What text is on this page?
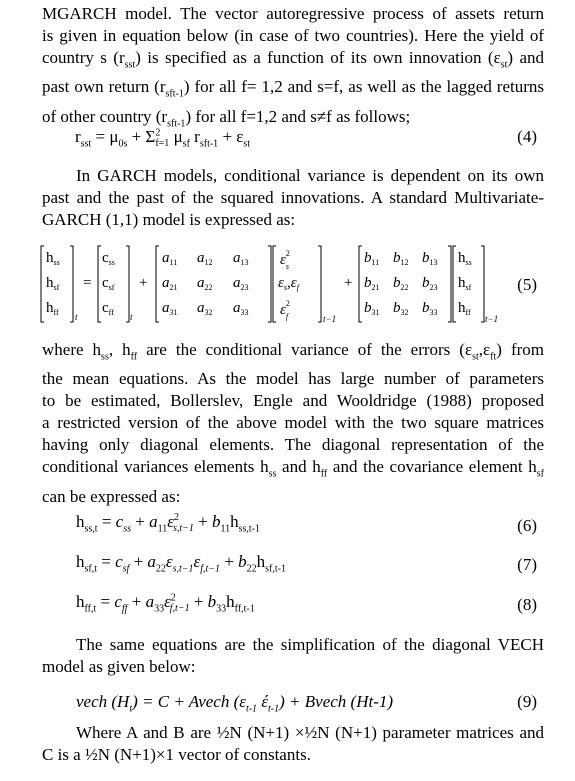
MGARCH model. The vector autoregressive process of assets return
is given in equation below (in case of two countries). Here the yield of
country s $(r_{sst})$ is specified as a function of its own innovation $(\varepsilon_{st})$ and
past own return $(r_{sft-1})$ for all f= 1,2 and s=f, as well as the lagged returns
of other country $(r_{sft-1})$ for all f=1,2 and s≠f as follows;
$r_{sst} = \mu_{0s} + \Sigma^2_{f=1}$ $\mu_{sf}$ $r_{sft-1} + \varepsilon_{st}$	(4)
In GARCH models, conditional variance is dependent on its own
past and the past of the squared innovations. A standard Multivariate-
GARCH (1,1) model is expressed as:
$h_{ss}$
$h_{sf}$
$h_{ff}$ t
=
$c_{ss}$
$c_{sf}$
$c_{ff}$ t
+
$a_{11}$ $a_{12}$ $a_{13}$
$a_{21}$ $a_{22}$ $a_{23}$
$a_{31}$ $a_{32}$ $a_{33}$
$\varepsilon^2$ s
$\varepsilon_s,\varepsilon_f$
$\varepsilon^2$ f	t−1
+
$b_{11}$ $b_{12}$ $b_{13}$
$b_{21}$ $b_{22}$ $b_{23}$
$b_{31}$ $b_{32}$ $b_{33}$
$h_{ss}$
$h_{sf}$
$h_{ff}$
t−1
(5)
where $h_{ss}$, $h_{ff}$ are the conditional variance of the errors $(\varepsilon_{st},\varepsilon_{ft})$ from
the mean equations. As the model has large number of parameters
to be estimated, Bollerslev, Engle and Wooldridge (1988) proposed
a restricted version of the above model with the two square matrices
having only diagonal elements. The diagonal representation of the
conditional variances elements $h_{ss}$ and $h_{ff}$ and the covariance element $h_{sf}$
can be expressed as:
$h_{ss,t} = c_{ss} + a_{11}\varepsilon^2_{s,t-1} + b_{11}h_{ss,t-1}$	(6)
$h_{sf,t} = c_{sf} + a_{22}\varepsilon_{s,t-1}\varepsilon_{f,t-1} + b_{22}h_{sf,t-1}$	(7)
$h_{ff,t} = c_{ff} + a_{33}\varepsilon^2_{f,t-1} + b_{33}h_{ff,t-1}$	(8)
The same equations are the simplification of the diagonal VECH
model as given below:
vech $(H_t) = C$ + Avech ($\varepsilon_{t-1}$ $έ_{t-1}$) + Bvech (Ht-1)	(9)
Where A and B are ½N (N+1) ×½N (N+1) parameter matrices and
C is a ½N (N+1)×1 vector of constants.
